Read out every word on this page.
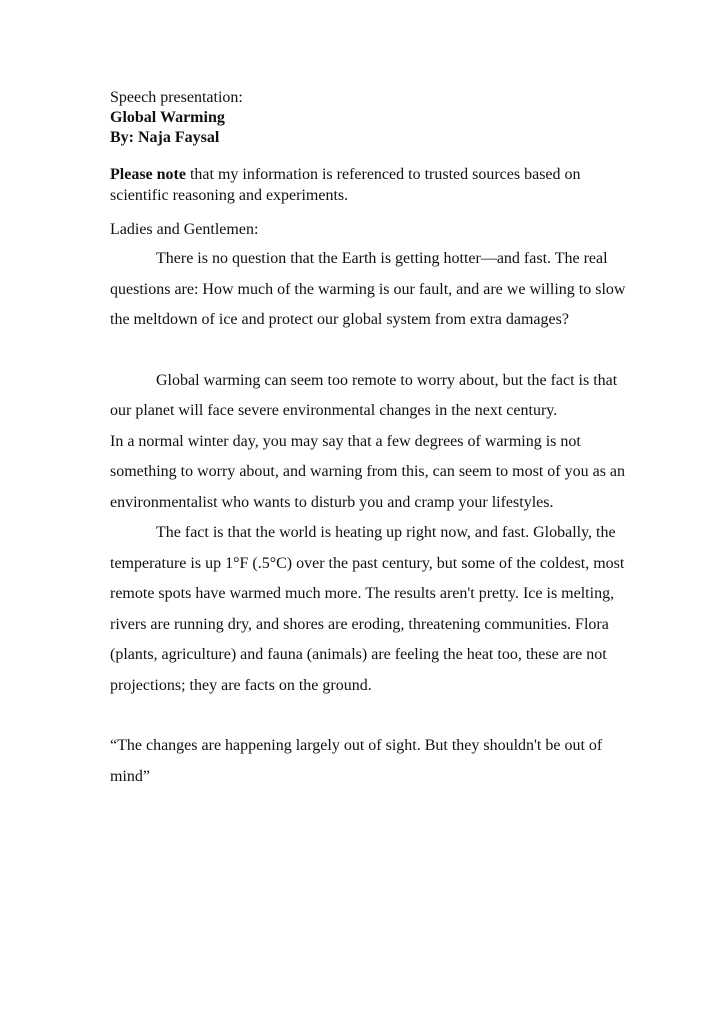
Speech presentation:
Global Warming
By: Naja Faysal
Please note that my information is referenced to trusted sources based on scientific reasoning and experiments.
Ladies and Gentlemen:
There is no question that the Earth is getting hotter—and fast. The real questions are: How much of the warming is our fault, and are we willing to slow the meltdown of ice and protect our global system from extra damages?
Global warming can seem too remote to worry about, but the fact is that our planet will face severe environmental changes in the next century.
In a normal winter day, you may say that a few degrees of warming is not something to worry about, and warning from this, can seem to most of you as an environmentalist who wants to disturb you and cramp your lifestyles.
The fact is that the world is heating up right now, and fast. Globally, the temperature is up 1°F (.5°C) over the past century, but some of the coldest, most remote spots have warmed much more. The results aren't pretty. Ice is melting, rivers are running dry, and shores are eroding, threatening communities. Flora (plants, agriculture) and fauna (animals) are feeling the heat too, these are not projections; they are facts on the ground.
“The changes are happening largely out of sight. But they shouldn't be out of mind”
